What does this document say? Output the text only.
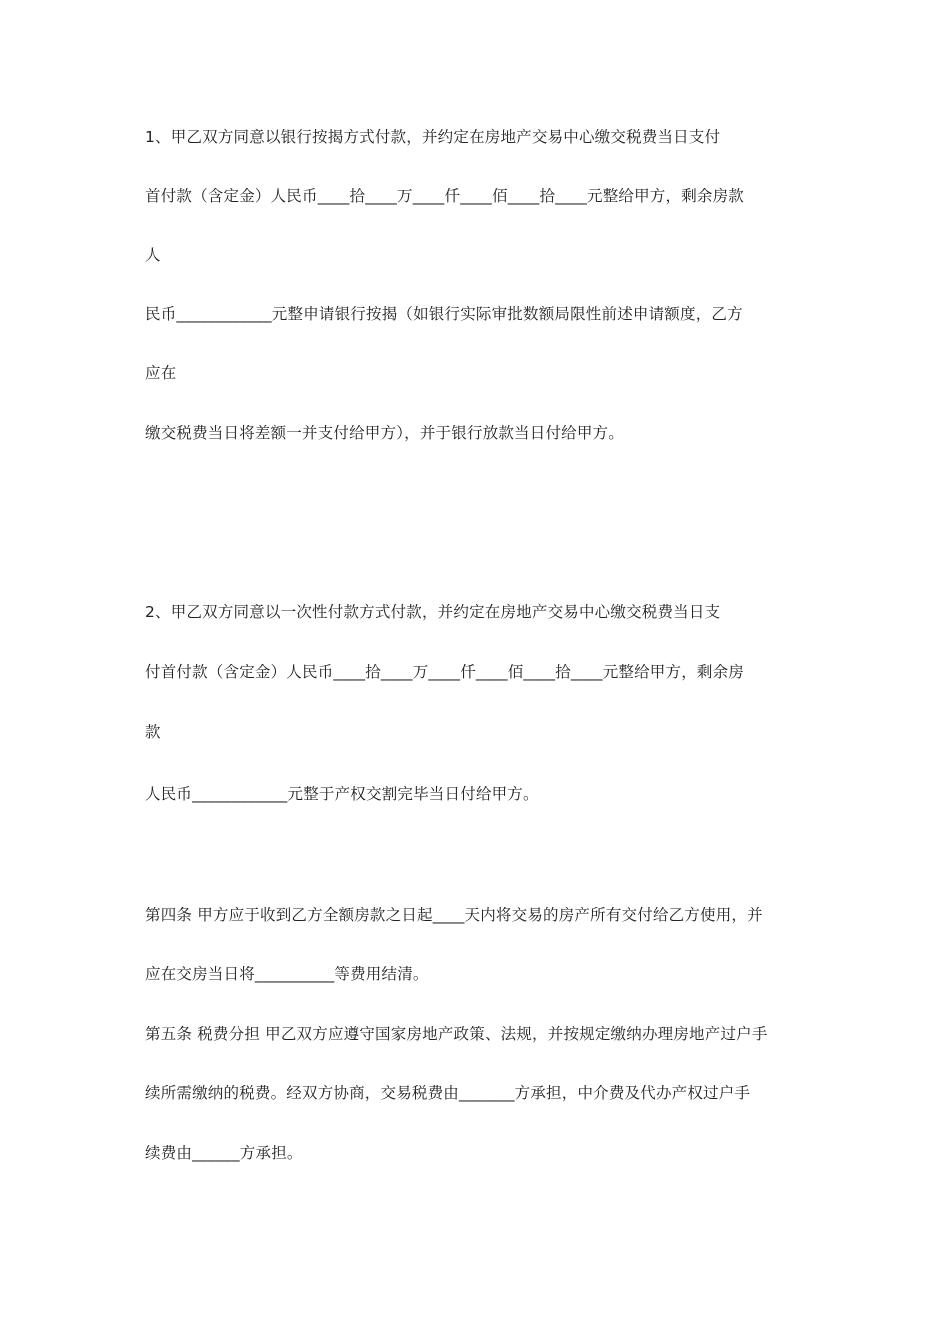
1、甲乙双方同意以银行按揭方式付款，并约定在房地产交易中心缴交税费当日支付

首付款（含定金）人民币____拾____万____仟____佰____拾____元整给甲方，剩余房款

人

民币____________元整申请银行按揭（如银行实际审批数额局限性前述申请额度，乙方

应在

缴交税费当日将差额一并支付给甲方），并于银行放款当日付给甲方。

2、甲乙双方同意以一次性付款方式付款，并约定在房地产交易中心缴交税费当日支

付首付款（含定金）人民币____拾____万____仟____佰____拾____元整给甲方，剩余房

款

人民币____________元整于产权交割完毕当日付给甲方。

第四条 甲方应于收到乙方全额房款之日起____天内将交易的房产所有交付给乙方使用，并

应在交房当日将__________等费用结清。

第五条 税费分担 甲乙双方应遵守国家房地产政策、法规，并按规定缴纳办理房地产过户手

续所需缴纳的税费。经双方协商，交易税费由_______方承担，中介费及代办产权过户手

续费由______方承担。
